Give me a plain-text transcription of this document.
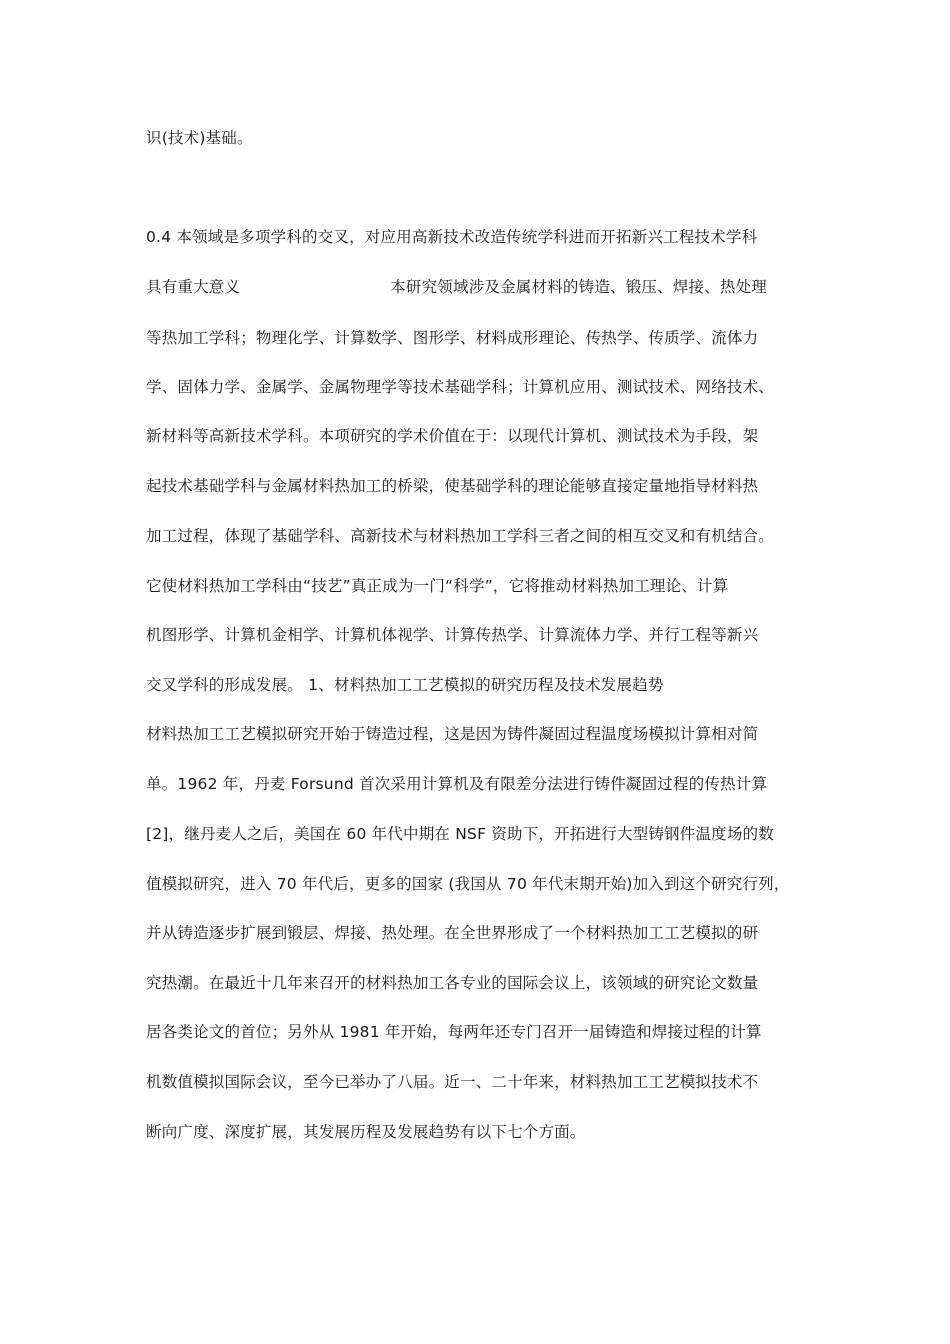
识(技术)基础。
0.4 本领域是多项学科的交叉，对应用高新技术改造传统学科进而开拓新兴工程技术学科
具有重大意义	本研究领域涉及金属材料的铸造、锻压、焊接、热处理
等热加工学科；物理化学、计算数学、图形学、材料成形理论、传热学、传质学、流体力
学、固体力学、金属学、金属物理学等技术基础学科；计算机应用、测试技术、网络技术、
新材料等高新技术学科。本项研究的学术价值在于：以现代计算机、测试技术为手段，架
起技术基础学科与金属材料热加工的桥梁，使基础学科的理论能够直接定量地指导材料热
加工过程，体现了基础学科、高新技术与材料热加工学科三者之间的相互交叉和有机结合。
它使材料热加工学科由“技艺”真正成为一门“科学”，它将推动材料热加工理论、计算
机图形学、计算机金相学、计算机体视学、计算传热学、计算流体力学、并行工程等新兴
交叉学科的形成发展。 1、材料热加工工艺模拟的研究历程及技术发展趋势
材料热加工工艺模拟研究开始于铸造过程，这是因为铸件凝固过程温度场模拟计算相对简
单。1962 年，丹麦 Forsund 首次采用计算机及有限差分法进行铸件凝固过程的传热计算
[2]，继丹麦人之后，美国在 60 年代中期在 NSF 资助下，开拓进行大型铸钢件温度场的数
值模拟研究，进入 70 年代后，更多的国家 (我国从 70 年代末期开始)加入到这个研究行列，
并从铸造逐步扩展到锻层、焊接、热处理。在全世界形成了一个材料热加工工艺模拟的研
究热潮。在最近十几年来召开的材料热加工各专业的国际会议上，该领域的研究论文数量
居各类论文的首位；另外从 1981 年开始，每两年还专门召开一届铸造和焊接过程的计算
机数值模拟国际会议，至今已举办了八届。近一、二十年来，材料热加工工艺模拟技术不
断向广度、深度扩展，其发展历程及发展趋势有以下七个方面。
